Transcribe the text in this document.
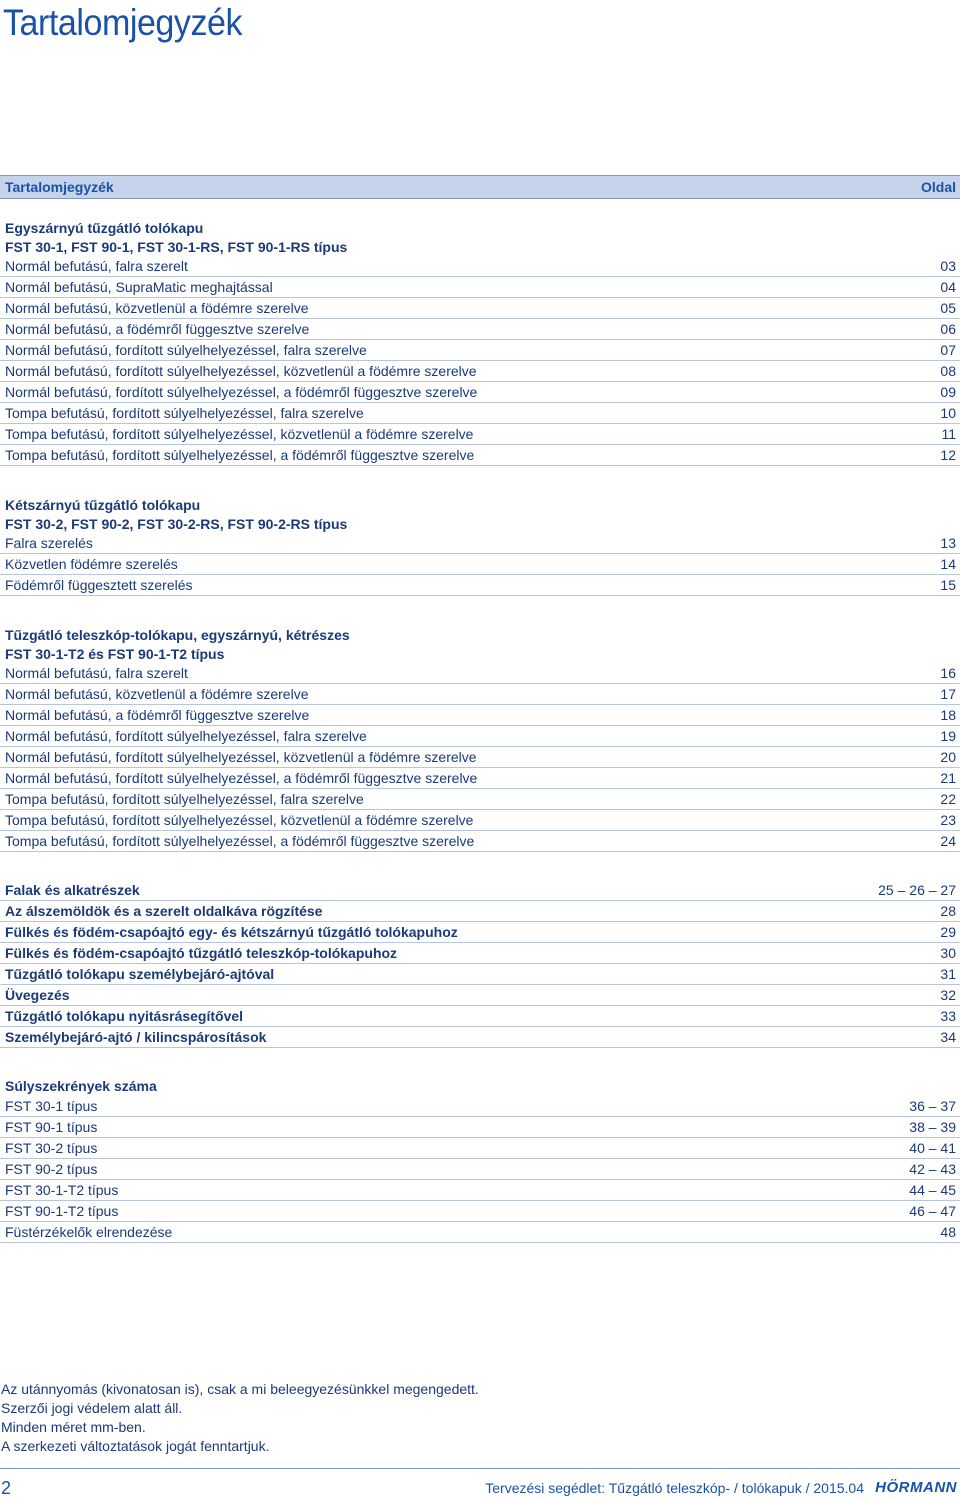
Tartalomjegyzék
Tartalomjegyzék	Oldal
Egyszárnyú tűzgátló tolókapu
FST 30-1, FST 90-1, FST 30-1-RS, FST 90-1-RS típus
Normál befutású, falra szerelt	03
Normál befutású, SupraMatic meghajtással	04
Normál befutású, közvetlenül a födémre szerelve	05
Normál befutású, a födémről függesztve szerelve	06
Normál befutású, fordított súlyelhelyezéssel, falra szerelve	07
Normál befutású, fordított súlyelhelyezéssel, közvetlenül a födémre szerelve	08
Normál befutású, fordított súlyelhelyezéssel, a födémről függesztve szerelve	09
Tompa befutású, fordított súlyelhelyezéssel, falra szerelve	10
Tompa befutású, fordított súlyelhelyezéssel, közvetlenül a födémre szerelve	11
Tompa befutású, fordított súlyelhelyezéssel, a födémről függesztve szerelve	12
Kétszárnyú tűzgátló tolókapu
FST 30-2, FST 90-2, FST 30-2-RS, FST 90-2-RS típus
Falra szerelés	13
Közvetlen födémre szerelés	14
Födémről függesztett szerelés	15
Tűzgátló teleszkóp-tolókapu, egyszárnyú, kétrészes
FST 30-1-T2 és FST 90-1-T2 típus
Normál befutású, falra szerelt	16
Normál befutású, közvetlenül a födémre szerelve	17
Normál befutású, a födémről függesztve szerelve	18
Normál befutású, fordított súlyelhelyezéssel, falra szerelve	19
Normál befutású, fordított súlyelhelyezéssel, közvetlenül a födémre szerelve	20
Normál befutású, fordított súlyelhelyezéssel, a födémről függesztve szerelve	21
Tompa befutású, fordított súlyelhelyezéssel, falra szerelve	22
Tompa befutású, fordított súlyelhelyezéssel, közvetlenül a födémre szerelve	23
Tompa befutású, fordított súlyelhelyezéssel, a födémről függesztve szerelve	24
Falak és alkatrészek	25 – 26 – 27
Az álszemöldök és a szerelt oldalkáva rögzítése	28
Fülkés és födém-csapóajtó egy- és kétszárnyú tűzgátló tolókapuhoz	29
Fülkés és födém-csapóajtó tűzgátló teleszkóp-tolókapuhoz	30
Tűzgátló tolókapu személybejáró-ajtóval	31
Üvegezés	32
Tűzgátló tolókapu nyitásrásegítővel	33
Személybejáró-ajtó / kilincspárosítások	34
Súlyszekrények száma
FST 30-1 típus	36 – 37
FST 90-1 típus	38 – 39
FST 30-2 típus	40 – 41
FST 90-2 típus	42 – 43
FST 30-1-T2 típus	44 – 45
FST 90-1-T2 típus	46 – 47
Füstérzékelők elrendezése	48
Az utánnyomás (kivonatosan is), csak a mi beleegyezésünkkel megengedett.
Szerzői jogi védelem alatt áll.
Minden méret mm-ben.
A szerkezeti változtatások jogát fenntartjuk.
2	Tervezési segédlet: Tűzgátló teleszkóp- / tolókapuk / 2015.04 HÖRMANN
